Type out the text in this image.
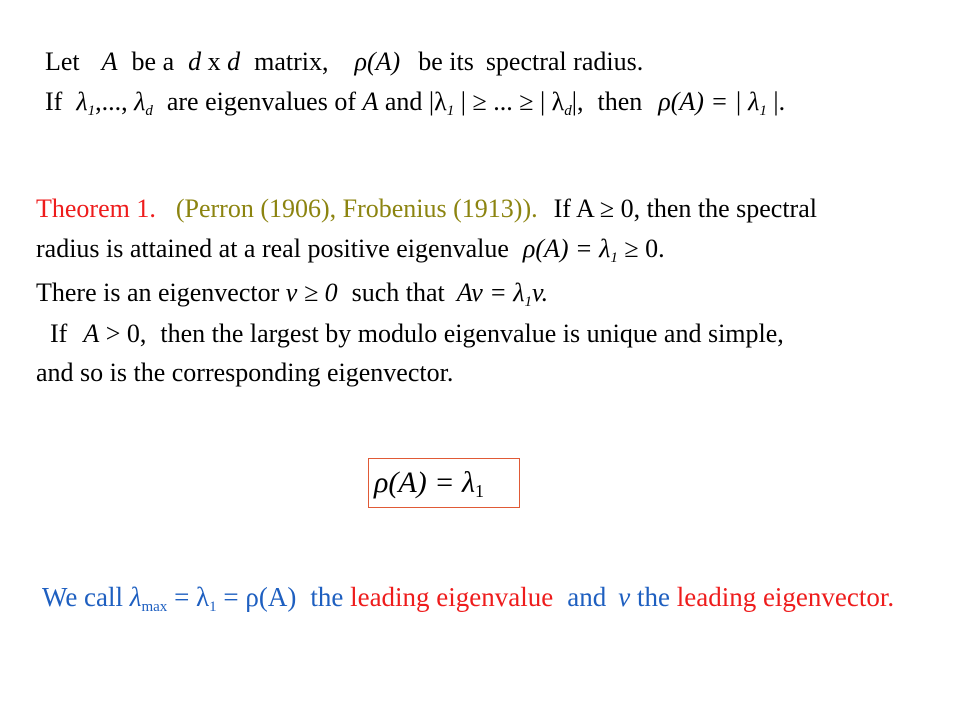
Let A be a d x d matrix, ρ(A) be its spectral radius.
If $\lambda_1$,..., $\lambda_d$ are eigenvalues of A and $|\lambda_1$ | ≥ ... ≥ | $\lambda_d|$, then ρ(A) = | $\lambda_1$ |.
Theorem 1. (Perron (1906), Frobenius (1913)). If A ≥ 0, then the spectral
radius is attained at a real positive eigenvalue $\rho(A) = \lambda_1 \ge 0$.
There is an eigenvector v ≥ 0 such that $Av = \lambda_1v$.
If A > 0, then the largest by modulo eigenvalue is unique and simple,
and so is the corresponding eigenvector.
$\rho(A) = \lambda_1$
We call $\lambda_{max} = \lambda_1 = \rho(A)$ the leading eigenvalue and v the leading eigenvector.
